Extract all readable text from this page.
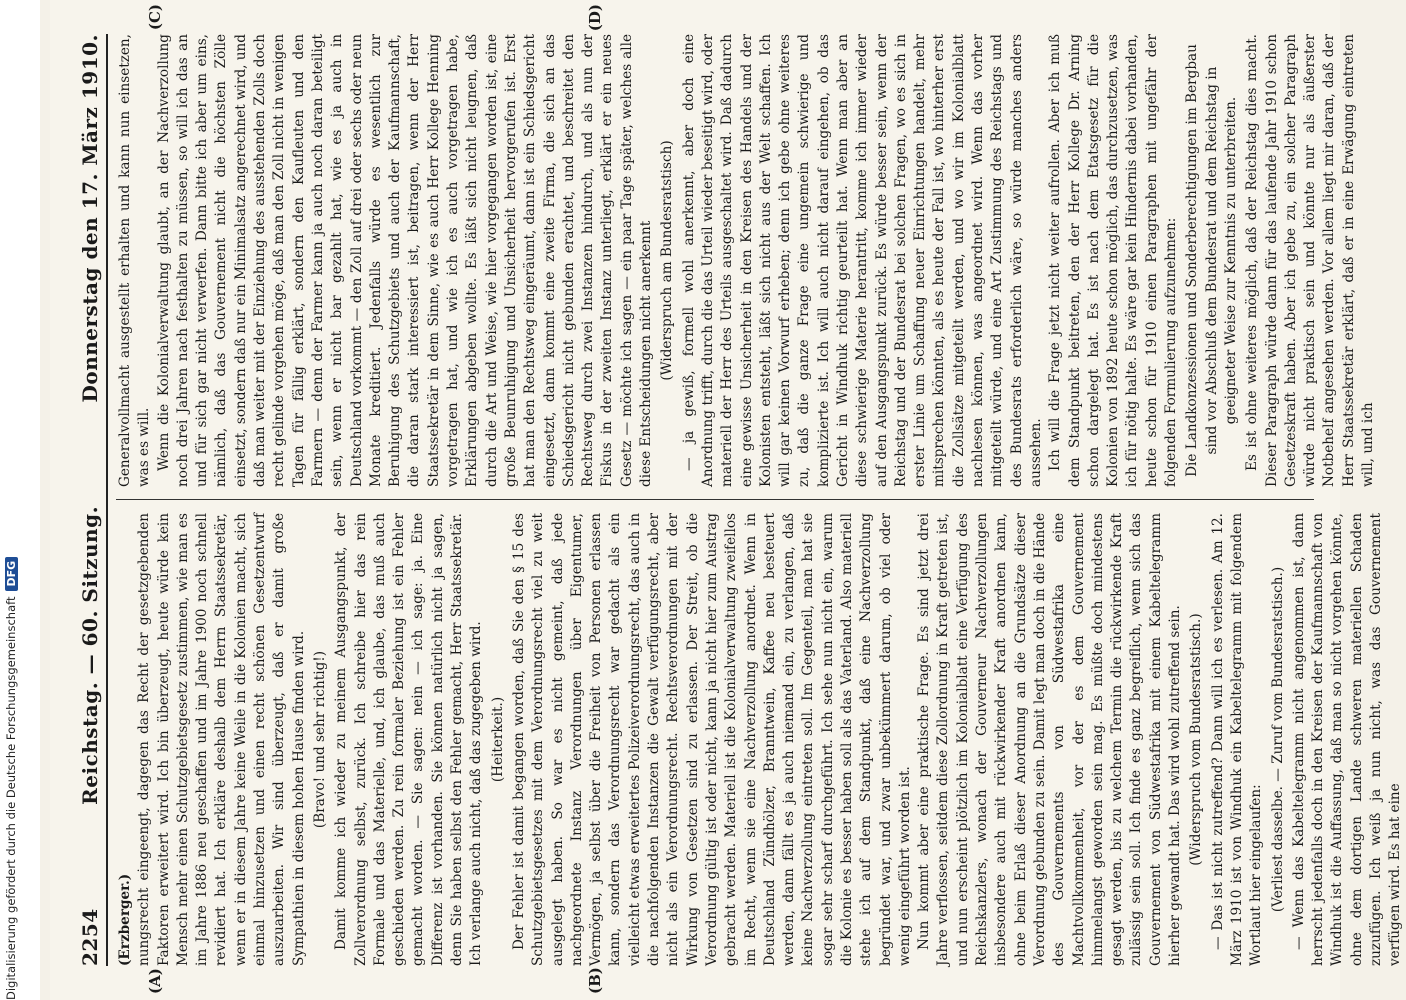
Digitalisierung gefördert durch die Deutsche Forschungsgemeinschaft
DFG
2254
Reichstag. — 60. Sitzung.
Donnerstag den 17. März 1910.

(Erzberger.) nungsrecht eingeengt, dagegen das Recht der gesetzgebenden Faktoren erweitert wird. Ich bin überzeugt, heute würde kein Mensch mehr einen Schutzgebietsgesetz zustimmen, wie man es im Jahre 1886 neu geschaffen und im Jahre 1900 noch schnell revidiert hat. Ich erkläre deshalb dem Herrn Staatssekretär, wenn er in diesem Jahre keine Weile in die Kolonien macht, sich einmal hinzusetzen und einen recht schönen Gesetzentwurf auszuarbeiten. Wir sind überzeugt, daß er damit große Sympathien in diesem hohen Hause finden wird. (Bravo! und sehr richtig!) Damit komme ich wieder zu meinem Ausgangspunkt, der Zollverordnung selbst, zurück. Ich schreibe hier das rein Formale und das Materielle, und, ich glaube, das muß auch geschieden werden. Zu rein formaler Beziehung ist ein Fehler gemacht worden. — Sie sagen: nein — ich sage: ja. Eine Differenz ist vorhanden. Sie können natürlich nicht ja sagen, denn Sie haben selbst den Fehler gemacht, Herr Staatssekretär. Ich verlange auch nicht, daß das zugegeben wird. (Heiterkeit.) Der Fehler ist damit begangen worden, daß Sie den § 15 des Schutzgebietsgesetzes mit dem Verordnungsrecht viel zu weit ausgelegt haben. So war es nicht gemeint, daß jede nachgeordnete Instanz Verordnungen über Eigentumer, Vermögen, ja selbst über die Freiheit von Personen erlassen kann, sondern das Verordnungsrecht war gedacht als ein vielleicht etwas erweitertes Polizeiverordnungsrecht, das auch in die nachfolgenden Instanzen die Gewalt verfügungsrecht, aber nicht als ein Verordnungsrecht. Rechtsverordnungen mit der Wirkung von Gesetzen sind zu erlassen. Der Streit, ob die Verordnung gültig ist oder nicht, kann ja nicht hier zum Austrag gebracht werden. Materiell ist die Kolonialverwaltung zweifellos im Recht, wenn sie eine Nachverzollung anordnet. Wenn in Deutschland Zündhölzer, Branntwein, Kaffee neu besteuert werden, dann fällt es ja auch niemand ein, zu verlangen, daß keine Nachverzollung eintreten soll. Im Gegenteil, man hat sie sogar sehr scharf durchgeführt. Ich sehe nun nicht ein, warum die Kolonie es besser haben soll als das Vaterland. Also materiell stehe ich auf dem Standpunkt, daß eine Nachverzollung begründet war, und zwar unbekümmert darum, ob viel oder wenig eingeführt worden ist. Nun kommt aber eine praktische Frage. Es sind jetzt drei Jahre verflossen, seitdem diese Zollordnung in Kraft getreten ist, und nun erscheint plötzlich im Kolonialblatt eine Verfügung des Reichskanzlers, wonach der Gouverneur Nachverzollungen insbesondere auch mit rückwirkender Kraft anordnen kann, ohne beim Erlaß dieser Anordnung an die Grundsätze dieser Verordnung gebunden zu sein. Damit legt man doch in die Hände des Gouvernements von Südwestafrika eine Machtvollkommenheit, vor der es dem Gouvernement himmelangst geworden sein mag. Es müßte doch mindestens gesagt werden, bis zu welchem Termin die rückwirkende Kraft zulässig sein soll. Ich finde es ganz begreiflich, wenn sich das Gouvernement von Südwestafrika mit einem Kabeltelegramm hierher gewandt hat. Das wird wohl zutreffend sein. (Widerspruch vom Bundesratstisch.) — Das ist nicht zutreffend? Dann will ich es verlesen. Am 12. März 1910 ist von Windhuk ein Kabeltelegramm mit folgendem Wortlaut hier eingelaufen: (Verliest dasselbe. — Zuruf vom Bundesratstisch.) — Wenn das Kabeltelegramm nicht angenommen ist, dann herrscht jedenfalls doch in den Kreisen der Kaufmannschaft von Windhuk ist die Auffassung, daß man so nicht vorgehen könnte, ohne dem dortigen Lande schweren materiellen Schaden zuzufügen. Ich weiß ja nun nicht, was das Gouvernement verfügen wird. Es hat eine

Generalvollmacht ausgestellt erhalten und kann nun einsetzen, was es will. Wenn die Kolonialverwaltung glaubt, an der Nachverzollung noch drei Jahren nach festhalten zu müssen, so will ich das an und für sich gar nicht verwerfen. Dann bitte ich aber um eins, nämlich, daß das Gouvernement nicht die höchsten Zölle einsetzt, sondern daß nur ein Minimalsatz angerechnet wird, und daß man weiter mit der Einziehung des ausstehenden Zolls doch recht gelinde vorgehen möge, daß man den Zoll nicht in wenigen Tagen für fällig erklärt, sondern den Kaufleuten und den Farmern — denn der Farmer kann ja auch noch daran beteiligt sein, wenn er nicht bar gezahlt hat, wie es ja auch in Deutschland vorkommt — den Zoll auf drei oder sechs oder neun Monate kreditiert. Jedenfalls würde es wesentlich zur Beruhigung des Schutzgebiets und auch der Kaufmannschaft, die daran stark interessiert ist, beitragen, wenn der Herr Staatssekretär in dem Sinne, wie es auch Herr Kollege Henning vorgetragen hat, und wie ich es auch vorgetragen habe, Erklärungen abgeben wollte. Es läßt sich nicht leugnen, daß durch die Art und Weise, wie hier vorgegangen worden ist, eine große Beunruhigung und Unsicherheit hervorgerufen ist. Erst hat man den Rechtsweg eingeräumt, dann ist ein Schiedsgericht eingesetzt, dann kommt eine zweite Firma, die sich an das Schiedsgericht nicht gebunden erachtet, und beschreitet den Rechtsweg durch zwei Instanzen hindurch, und als nun der Fiskus in der zweiten Instanz unterliegt, erklärt er ein neues Gesetz — möchte ich sagen — ein paar Tage später, welches alle diese Entscheidungen nicht anerkennt (Widerspruch am Bundesratstisch) — ja gewiß, formell wohl anerkennt, aber doch eine Anordnung trifft, durch die das Urteil wieder beseitigt wird, oder materiell der Herr des Urteils ausgeschaltet wird. Daß dadurch eine gewisse Unsicherheit in den Kreisen des Handels und der Kolonisten entsteht, läßt sich nicht aus der Welt schaffen. Ich will gar keinen Vorwurf erheben; denn ich gebe ohne weiteres zu, daß die ganze Frage eine ungemein schwierige und komplizierte ist. Ich will auch nicht darauf eingehen, ob das Gericht in Windhuk richtig geurteilt hat. Wenn man aber an diese schwierige Materie herantritt, komme ich immer wieder auf den Ausgangspunkt zurück. Es würde besser sein, wenn der Reichstag und der Bundesrat bei solchen Fragen, wo es sich in erster Linie um Schaffung neuer Einrichtungen handelt, mehr mitsprechen könnten, als es heute der Fall ist, wo hinterher erst die Zollsätze mitgeteilt werden, und wo wir im Kolonialblatt nachlesen können, was angeordnet wird. Wenn das vorher mitgeteilt würde, und eine Art Zustimmung des Reichstags und des Bundesrats erforderlich wäre, so würde manches anders aussehen. Ich will die Frage jetzt nicht weiter aufrollen. Aber ich muß dem Standpunkt beitreten, den der Herr Kollege Dr. Arning schon dargelegt hat. Es ist nach dem Etatsgesetz für die Kolonien von 1892 heute schon möglich, das durchzusetzen, was ich für nötig halte. Es wäre gar kein Hindernis dabei vorhanden, heute schon für 1910 einen Paragraphen mit ungefähr der folgenden Formulierung aufzunehmen: Die Landkonzessionen und Sonderberechtigungen im Bergbau sind vor Abschluß dem Bundesrat und dem Reichstag in geeigneter Weise zur Kenntnis zu unterbreiten. Es ist ohne weiteres möglich, daß der Reichstag dies macht. Dieser Paragraph würde dann für das laufende Jahr 1910 schon Gesetzeskraft haben. Aber ich gebe zu, ein solcher Paragraph würde nicht praktisch sein und könnte nur als äußerster Notbehelf angesehen werden. Vor allem liegt mir daran, daß der Herr Staatssekretär erklärt, daß er in eine Erwägung eintreten will, und ich

(A)	(B)
(C)	(D)
